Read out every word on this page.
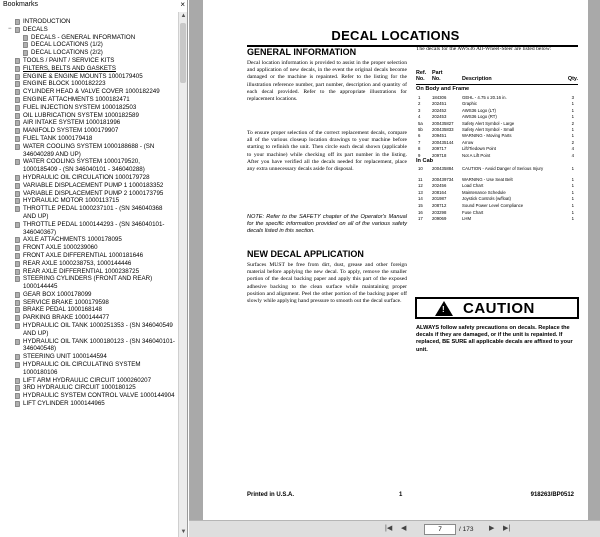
Bookmarks	×
INTRODUCTION
− DECALS
DECALS - GENERAL INFORMATION
DECAL LOCATIONS (1/2)
DECAL LOCATIONS (2/2)
TOOLS / PAINT / SERVICE KITS
FILTERS, BELTS AND GASKETS
ENGINE & ENGINE MOUNTS 1000179405
ENGINE BLOCK 1000182223
CYLINDER HEAD & VALVE COVER 1000182249
ENGINE ATTACHMENTS 1000182471
FUEL INJECTION SYSTEM 1000182503
OIL LUBRICATION SYSTEM 1000182589
AIR INTAKE SYSTEM 1000181996
MANIFOLD SYSTEM 1000179907
FUEL TANK 1000179418
WATER COOLING SYSTEM 1000188688 - (SN 346040289 AND UP)
WATER COOLING SYSTEM 1000179520, 1000185409 - (SN 346040101 - 346040288)
HYDRAULIC OIL CIRCULATION 1000179728
VARIABLE DISPLACEMENT PUMP 1 1000183352
VARIABLE DISPLACEMENT PUMP 2 1000173795
HYDRAULIC MOTOR 1000113715
THROTTLE PEDAL 1000237101 - (SN 346040368 AND UP)
THROTTLE PEDAL 1000144293 - (SN 346040101-346040367)
AXLE ATTACHMENTS 1000178095
FRONT AXLE 1000239060
FRONT AXLE DIFFERENTIAL 1000181646
REAR AXLE 1000238753, 1000144446
REAR AXLE DIFFERENTIAL 1000238725
STEERING CYLINDERS (FRONT AND REAR) 1000144445
GEAR BOX 1000178099
SERVICE BRAKE 1000179598
BRAKE PEDAL 1000168148
PARKING BRAKE 1000144477
HYDRAULIC OIL TANK 1000251353 - (SN 346040549 AND UP)
HYDRAULIC OIL TANK 1000180123 - (SN 346040101-346040548)
STEERING UNIT 1000144594
HYDRAULIC OIL CIRCULATING SYSTEM 1000180106
LIFT ARM HYDRAULIC CIRCUIT 1000260207
3RD HYDRAULIC CIRCUIT 1000180125
HYDRAULIC SYSTEM CONTROL VALVE 1000144904
LIFT CYLINDER 1000144965
▲
▼
DECAL LOCATIONS
GENERAL INFORMATION
Decal location information is provided to assist in the proper selection and application of new decals, in the event the original decals become damaged or the machine is repainted. Refer to the listing for the illustration reference number, part number, description and quantity of each decal provided. Refer to the appropriate illustrations for replacement locations.
To ensure proper selection of the correct replacement decals, compare all of the various closeup location drawings to your machine before starting to refinish the unit. Then circle each decal shown (applicable to your machine) while checking off its part number in the listing. After you have verified all the decals needed for replacement, place any extra unnecessary decals aside for disposal.
NOTE: Refer to the SAFETY chapter of the Operator's Manual for the specific information provided on all of the various safety decals listed in this section.
NEW DECAL APPLICATION
Surfaces MUST be free from dirt, dust, grease and other foreign material before applying the new decal. To apply, remove the smaller portion of the decal backing paper and apply this part of the exposed adhesive backing to the clean surface while maintaining proper position and alignment. Peel the other portion of the backing paper off slowly while applying hand pressure to smooth out the decal surface.
The decals for the AWS36 All-Wheel-Steer are listed below:
Ref. No.
Part No.	Description	Qty.
On Body and Frame
1	184306	GEHL - 4.75 x 20.16 in.	3
2	202451	Graphic	1
3	202452	AWS36 Logo (LT)	1
4	202453	AWS36 Logo (RT)	1
5a 200435827 Safety Alert Symbol - Large	2
5b 200435833 Safety Alert Symbol - Small	1
6	209451	WARNING - Moving Parts	1
7	200435144 Arrow	2
8	209717	Lift/Tiedown Point	4
9	209718	Not A Lift Point	4
In Cab
10 200435884 CAUTION - Avoid Danger of Serious Injury	1
11 200439734 WARNING - Use Seat Belt	1
12 202456	Load Chart	1
13 208164	Maintenance Schedule	1
14 201987	Joystick Controls (w/float)	1
15 208712	Sound Power Level Compliance	1
16 203298	Fuse Chart	1
17 209069	LHM	1
! CAUTION
ALWAYS follow safety precautions on decals. Replace the decals if they are damaged, or if the unit is repainted. If replaced, BE SURE all applicable decals are affixed to your unit.
Printed in U.S.A.	1	918263/BP0512
|◀ ◀
7	/ 173 ▶ ▶|
